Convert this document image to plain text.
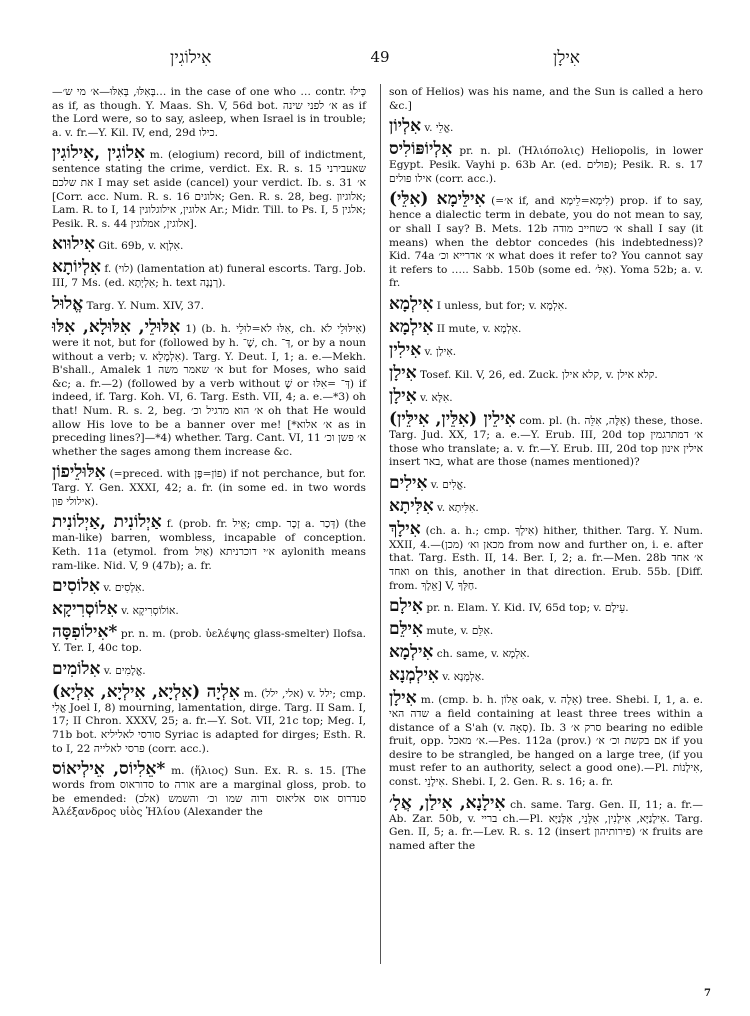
אִילוֹגִין	49	אִילָן
—בְּאִלּוּ, בְּאִלּוּ—א׳ מי ש׳… in the case of one who … contr. כְּילוּ as if, as though. Y. Maas. Sh. V, 56d bot. א׳ לפני שינה as if the Lord were, so to say, asleep, when Israel is in trouble; a. v. fr.—Y. Kil. IV, end, 29d כילו.
אִלוֹגִין ,אִילוֹגִין m. (elogium) record, bill of indictment, sentence stating the crime, verdict. Ex. R. s. 15 שאעבירני את שלכם I may set aside (cancel) your verdict. Ib. s. 31 א׳ [Corr. acc. Num. R. s. 16 אלוגים; Gen. R. s. 28, beg. אלוגיון; Lam. R. to I, 14 אלוגין, אילוגלוגין Ar.; Midr. Till. to Ps. I, 5 אלגין; Pesik. R. s. 44 אלוגין, אמלוגין].
אִילוּוא Git. 69b, v. אִלְוָא.
אִלְיוֹתָא f. (לוי) (lamentation at) funeral escorts. Targ. Job. III, 7 Ms. (ed. אִלְיְתָא; h. text רְנָנָה).
אֱלוּל Targ. Y. Num. XIV, 37.
אִלּוּלֵי, אִלּוּלָא, אִלּוּ 1) (b. h. אִלּוּ לֹא=לוּלֵי, ch. אִילּוּלֵי לֹא) were it not, but for (followed by h. שֶׁ־, ch. דְּ־, or by a noun without a verb; v. אִלְמָלֵא). Targ. Y. Deut. I, 1; a. e.—Mekh. B'shall., Amalek 1 א׳ שאמר משה but for Moses, who said &c; a. fr.—2) (followed by a verb without שֶׁ or דְּ־ =אִלּוּ) if indeed, if. Targ. Koh. VI, 6. Targ. Esth. VII, 4; a. e.—*3) oh that! Num. R. s. 2, beg. א׳ הוא מדגיל וכ׳ oh that He would allow His love to be a banner over me! [*א׳ אלוא as in preceding lines?]—*4) whether. Targ. Cant. VI, 11 א׳ פשן וכ׳ whether the sages among them increase &c.
אִלּוּלֵיפוֹן (=preced. with פוֹן=פֶּן) if not perchance, but for. Targ. Y. Gen. XXXI, 42; a. fr. (in some ed. in two words אילולי פון).
אַיְלוֹנִית ,אַיְלוֹנִית f. (prob. fr. אֵיל; cmp. זָכָר a. דְּכַר) (the man-like) barren, wombless, incapable of conception. Keth. 11a (etymol. from אַיִל) א׳י דוכרניתא aylonith means ram-like. Nid. V, 9 (47b); a. fr.
אִלוֹסִים v. אִלְסִים.
אִלוֹסְרִיקָא v. אוֹלוֹסְרִיקָא.
*אִילוֹפִסָּה pr. n. m. (prob. ὑελέψης glass-smelter) Ilofsa. Y. Ter. I, 40c top.
אִלוֹמִים v. אֱלָמִים.
אִלְיָה (אִלְיָא, אִילְיָא, אִלְיָא) m. (אלי, ילל) v. ילל; cmp. אֱלִי Joel I, 8) mourning, lamentation, dirge. Targ. II Sam. I, 17; II Chron. XXXV, 25; a. fr.—Y. Sot. VII, 21c top; Meg. I, 71b bot. סורסי לאליליא Syriac is adapted for dirges; Esth. R. to I, 22 פרסי לאלייה (corr. acc.).
*אֵלִיוֹס, אֵילְיאוֹס m. (ἥλιος) Sun. Ex. R. s. 15. [The words from סדוראוס to אורה are a marginal gloss, prob. to be emended: (אלכ) סנדרוס אוס אליאוס ודוה שמו וכ׳ והשמש Ἀλέξανδρος υἱὸς Ἡλίου (Alexander the
son of Helios) was his name, and the Sun is called a hero &c.]
אִלְיוֹן v. אֱלֵי.
אִלְיוֹפּוֹלִיס pr. n. pl. (Ἡλιόπολις) Heliopolis, in lower Egypt. Pesik. Vayhi p. 63b Ar. (ed. פולים); Pesik. R. s. 17 אילו פולים (corr. acc.).
אִילֵּימָא (אִלֵּי) (=א׳ if, and לִימָא=לֵימָא) prop. if to say, hence a dialectic term in debate, you do not mean to say, or shall I say? B. Mets. 12b א׳ כשחייב מודה shall I say (it means) when the debtor concedes (his indebtedness)? Kid. 74a א׳ אדרייא וכ׳ what does it refer to? You cannot say it refers to ….. Sabb. 150b (some ed. אִלּ׳). Yoma 52b; a. v. fr.
אִילְמָא I unless, but for; v. אִלְמָא.
אִילְמָא II mute, v. אִלְמָא.
אִילִין v. אִילַן.
אִילָן Tosef. Kil. V, 26, ed. Zuck. קלא אילן, v. קלא אילן.
אִילָן v. אִלָּא.
אִילֵין (אִלֵּין, אִילֵּין) com. pl. (h. אֵלֶּה, אִלֵּה) these, those. Targ. Jud. XX, 17; a. e.—Y. Erub. III, 20d top א׳ דמתרגמין those who translate; a. v. fr.—Y. Erub. III, 20d top אילין אינון insert באר, what are those (names mentioned)?
אִילִים v. אֱלִים.
אִלִּיתָא v. אִלִּיתָא.
אִילָךְ (ch. a. h.; cmp. אִילְךָ) hither, thither. Targ. Y. Num. XXII, 4.—(מכן) מכאן וא׳ from now and further on, i. e. after that. Targ. Esth. II, 14. Ber. I, 2; a. fr.—Men. 28b א׳ אחד ואחד on this, another in that direction. Erub. 55b. [Diff. from. אֵלָךְ] V, חַלְּךָ.
אִילָם pr. n. Elam. Y. Kid. IV, 65d top; v. עֵילָם.
אִילֵּם mute, v. אִלֵּם.
אִילְמָא ch. same, v. אִלְמָא.
אִילְמְנָא v. אַלְמְנָא.
אִילָן m. (cmp. b. h. אֵלוֹן oak, v. אֵלָה) tree. Shebi. I, 1, a. e. שדה האי a field containing at least three trees within a distance of a S'ah (v. סְאָה). Ib. 3 סרק א׳ bearing no edible fruit, opp. א׳ מאכל.—Pes. 112a (prov.) אם בקשת וכ׳ א׳ if you desire to be strangled, be hanged on a large tree, (if you must refer to an authority, select a good one).—Pl. אִילָנוֹת, const. אִילָנֵי. Shebi. I, 2. Gen. R. s. 16; a. fr.
אִילָנָא, אִילַן, אֲלָ׳ ch. same. Targ. Gen. II, 11; a. fr.—Ab. Zar. 50b, v. בריי ch.—Pl. אִילָנַיָּא, אִילָנִין, אִלָּנֵי, אִלָּנַיָּא. Targ. Gen. II, 5; a. fr.—Lev. R. s. 12 (insert פירותיהון) א׳ fruits are named after the
7
